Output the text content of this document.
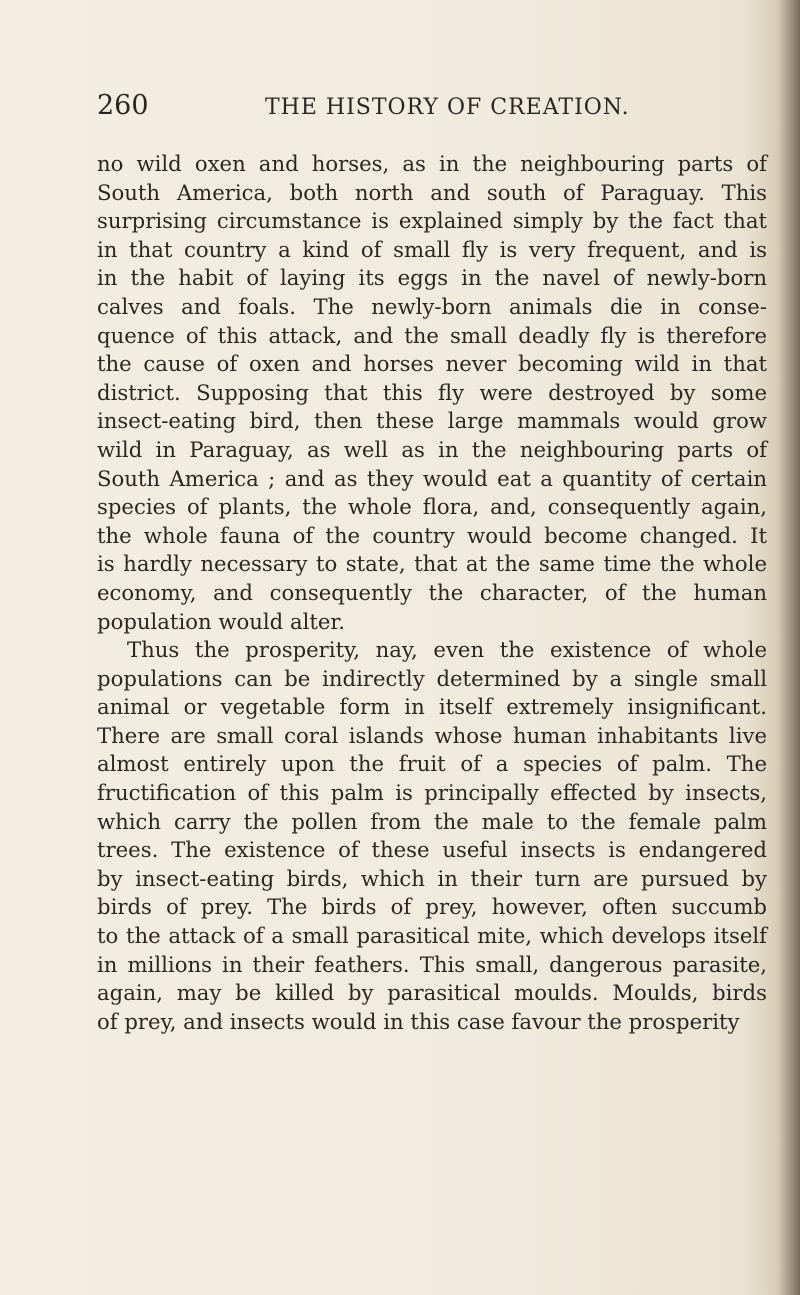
260	THE HISTORY OF CREATION.
no wild oxen and horses, as in the neighbouring parts of
South America, both north and south of Paraguay. This
surprising circumstance is explained simply by the fact that
in that country a kind of small fly is very frequent, and is
in the habit of laying its eggs in the navel of newly-born
calves and foals. The newly-born animals die in conse-
quence of this attack, and the small deadly fly is therefore
the cause of oxen and horses never becoming wild in that
district. Supposing that this fly were destroyed by some
insect-eating bird, then these large mammals would grow
wild in Paraguay, as well as in the neighbouring parts of
South America ; and as they would eat a quantity of certain
species of plants, the whole flora, and, consequently again,
the whole fauna of the country would become changed. It
is hardly necessary to state, that at the same time the whole
economy, and consequently the character, of the human
population would alter.
Thus the prosperity, nay, even the existence of whole
populations can be indirectly determined by a single small
animal or vegetable form in itself extremely insignificant.
There are small coral islands whose human inhabitants live
almost entirely upon the fruit of a species of palm. The
fructification of this palm is principally effected by insects,
which carry the pollen from the male to the female palm
trees. The existence of these useful insects is endangered
by insect-eating birds, which in their turn are pursued by
birds of prey. The birds of prey, however, often succumb
to the attack of a small parasitical mite, which develops itself
in millions in their feathers. This small, dangerous parasite,
again, may be killed by parasitical moulds. Moulds, birds
of prey, and insects would in this case favour the prosperity
